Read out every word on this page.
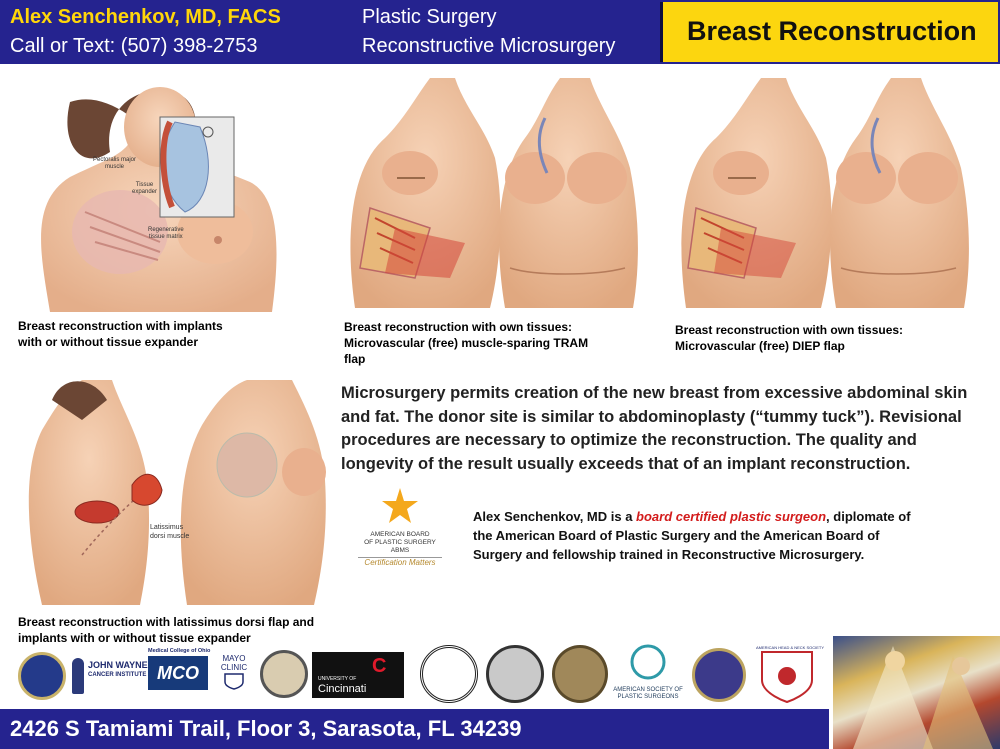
Alex Senchenkov, MD, FACS
Call or Text: (507) 398-2753
Plastic Surgery
Reconstructive Microsurgery	Breast Reconstruction
Pectoralis major
muscle
Tissue
expander
Regenerative
tissue matrix
Breast reconstruction with implants
with or without tissue expander
Breast reconstruction with own tissues:
Microvascular (free) muscle-sparing TRAM
flap
Breast reconstruction with own tissues:
Microvascular (free) DIEP flap
Latissimus
dorsi muscle
Breast reconstruction with latissimus dorsi flap and
implants with or without tissue expander
Microsurgery permits creation of the new breast from excessive abdominal skin
and fat. The donor site is similar to abdominoplasty (“tummy tuck”). Revisional
procedures are necessary to optimize the reconstruction. The quality and
longevity of the result usually exceeds that of an implant reconstruction.
AMERICAN BOARD
OF PLASTIC SURGERY
ABMS
Certification Matters
Alex Senchenkov, MD is a board certified plastic surgeon, diplomate of
the American Board of Plastic Surgery and the American Board of
Surgery and fellowship trained in Reconstructive Microsurgery.
JOHN WAYNE
CANCER INSTITUTE
Medical College of Ohio
MCO
MAYO
CLINIC	C
UNIVERSITY OF
Cincinnati	AMERICAN SOCIETY OF
PLASTIC SURGEONS
AMERICAN HEAD & NECK SOCIETY
2426 S Tamiami Trail, Floor 3, Sarasota, FL 34239
